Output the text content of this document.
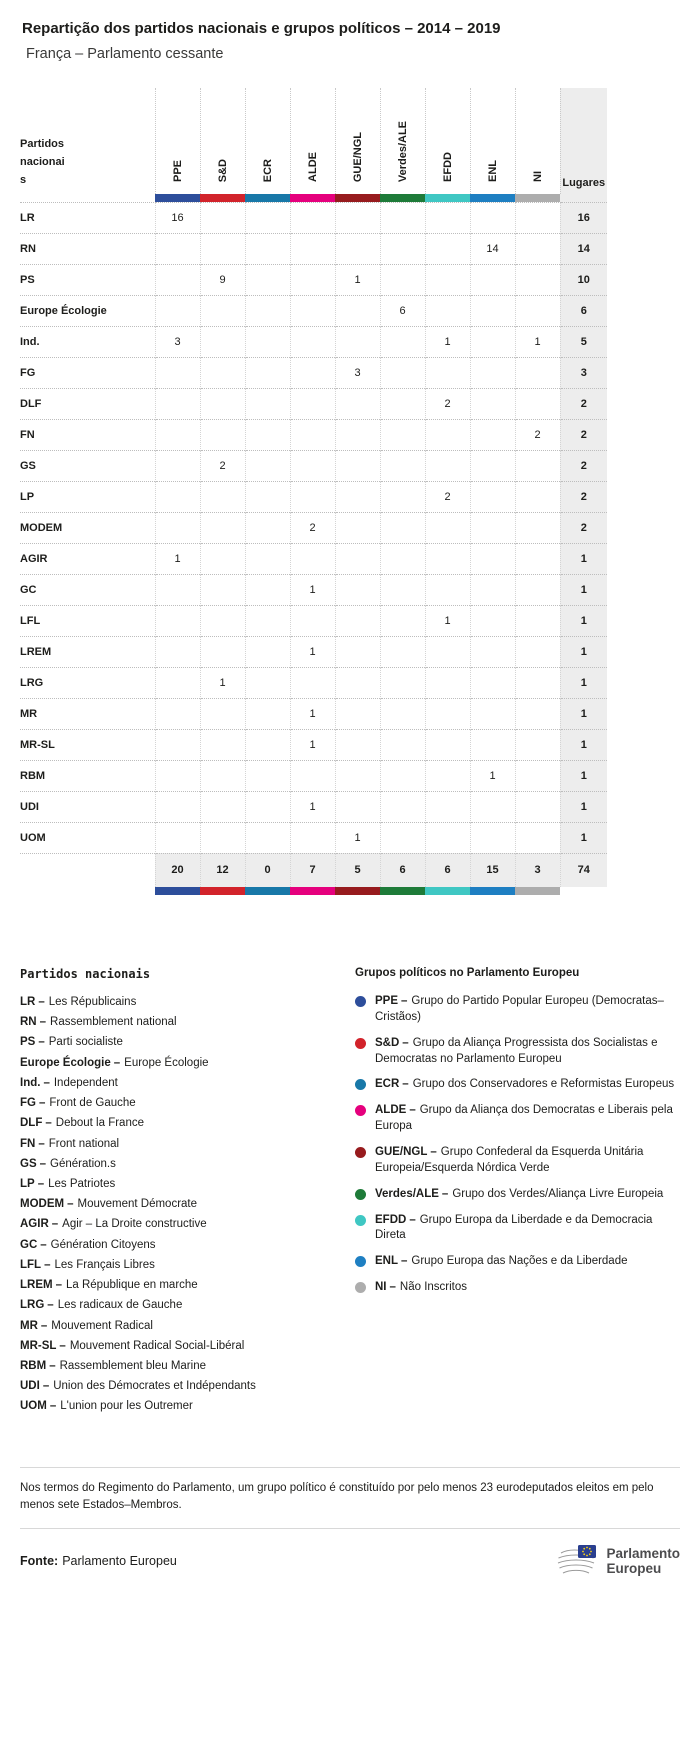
Repartição dos partidos nacionais e grupos políticos – 2014 – 2019
França – Parlamento cessante
Partidos nacionais	PPE	S&D	ECR	ALDE	GUE/NGL	Verdes/ALE	EFDD	ENL	NI	Lugares

LR	16									16
RN								14		14
PS		9			1					10
Europe Écologie						6				6
Ind.	3						1		1	5
FG					3					3
DLF							2			2
FN									2	2
GS		2								2
LP							2			2
MODEM				2						2
AGIR	1									1
GC				1						1
LFL							1			1
LREM				1						1
LRG		1								1
MR				1						1
MR-SL				1						1
RBM								1		1
UDI				1						1
UOM					1					1
	20	12	0	7	5	6	6	15	3	74

Partidos nacionais
LR – Les Républicains
RN – Rassemblement national
PS – Parti socialiste
Europe Écologie – Europe Écologie
Ind. – Independent
FG – Front de Gauche
DLF – Debout la France
FN – Front national
GS – Génération.s
LP – Les Patriotes
MODEM – Mouvement Démocrate
AGIR – Agir – La Droite constructive
GC – Génération Citoyens
LFL – Les Français Libres
LREM – La République en marche
LRG – Les radicaux de Gauche
MR – Mouvement Radical
MR-SL – Mouvement Radical Social-Libéral
RBM – Rassemblement bleu Marine
UDI – Union des Démocrates et Indépendants
UOM – L'union pour les Outremer
Grupos políticos no Parlamento Europeu
PPE – Grupo do Partido Popular Europeu (Democratas–Cristãos)
S&D – Grupo da Aliança Progressista dos Socialistas e Democratas no Parlamento Europeu
ECR – Grupo dos Conservadores e Reformistas Europeus
ALDE – Grupo da Aliança dos Democratas e Liberais pela Europa
GUE/NGL – Grupo Confederal da Esquerda Unitária Europeia/Esquerda Nórdica Verde
Verdes/ALE – Grupo dos Verdes/Aliança Livre Europeia
EFDD – Grupo Europa da Liberdade e da Democracia Direta
ENL – Grupo Europa das Nações e da Liberdade
NI – Não Inscritos
Nos termos do Regimento do Parlamento, um grupo político é constituído por pelo menos 23 eurodeputados eleitos em pelo menos sete Estados–Membros.
Fonte: Parlamento Europeu
Parlamento
Europeu
